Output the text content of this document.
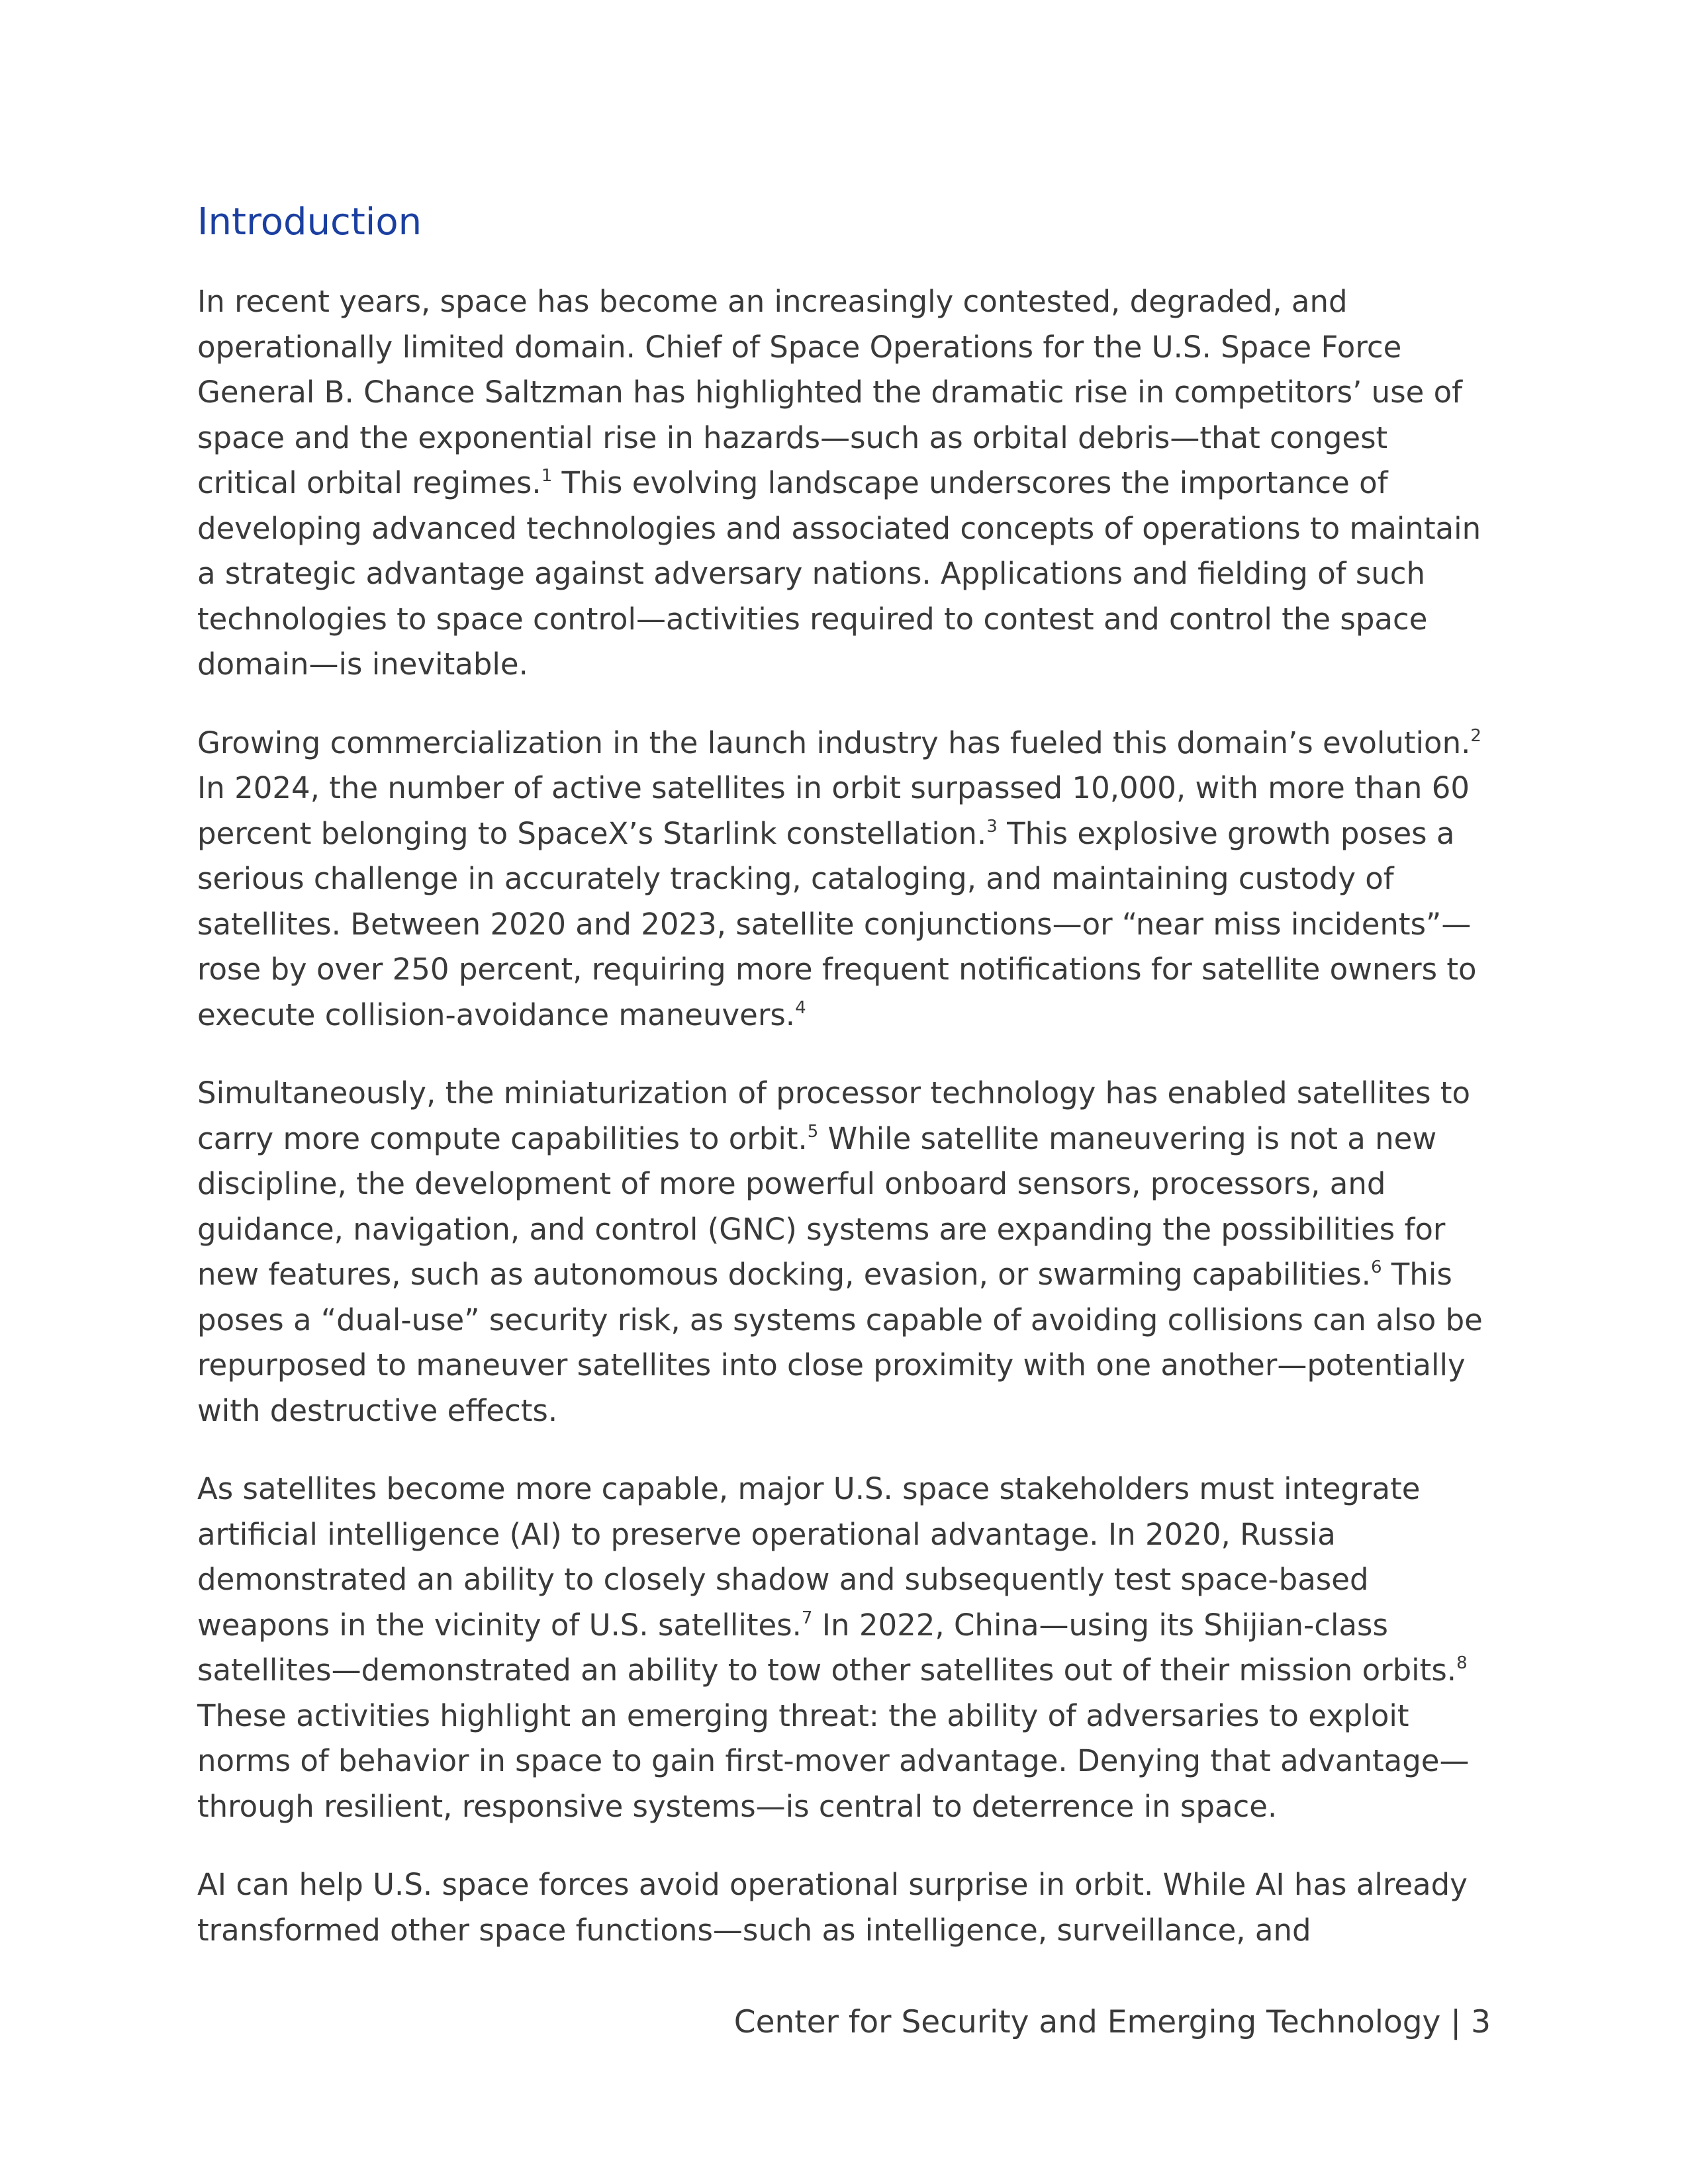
Introduction

In recent years, space has become an increasingly contested, degraded, and operationally limited domain. Chief of Space Operations for the U.S. Space Force General B. Chance Saltzman has highlighted the dramatic rise in competitors’ use of space and the exponential rise in hazards—such as orbital debris—that congest critical orbital regimes.$^1$ This evolving landscape underscores the importance of developing advanced technologies and associated concepts of operations to maintain a strategic advantage against adversary nations. Applications and fielding of such technologies to space control—activities required to contest and control the space domain—is inevitable.

Growing commercialization in the launch industry has fueled this domain’s evolution.$^2$ In 2024, the number of active satellites in orbit surpassed 10,000, with more than 60 percent belonging to SpaceX’s Starlink constellation.$^3$ This explosive growth poses a serious challenge in accurately tracking, cataloging, and maintaining custody of satellites. Between 2020 and 2023, satellite conjunctions—or “near miss incidents”—rose by over 250 percent, requiring more frequent notifications for satellite owners to execute collision-avoidance maneuvers.$^4$

Simultaneously, the miniaturization of processor technology has enabled satellites to carry more compute capabilities to orbit.$^5$ While satellite maneuvering is not a new discipline, the development of more powerful onboard sensors, processors, and guidance, navigation, and control (GNC) systems are expanding the possibilities for new features, such as autonomous docking, evasion, or swarming capabilities.$^6$ This poses a “dual-use” security risk, as systems capable of avoiding collisions can also be repurposed to maneuver satellites into close proximity with one another—potentially with destructive effects.

As satellites become more capable, major U.S. space stakeholders must integrate artificial intelligence (AI) to preserve operational advantage. In 2020, Russia demonstrated an ability to closely shadow and subsequently test space-based weapons in the vicinity of U.S. satellites.$^7$ In 2022, China—using its Shijian-class satellites—demonstrated an ability to tow other satellites out of their mission orbits.$^8$ These activities highlight an emerging threat: the ability of adversaries to exploit norms of behavior in space to gain first-mover advantage. Denying that advantage—through resilient, responsive systems—is central to deterrence in space.

AI can help U.S. space forces avoid operational surprise in orbit. While AI has already transformed other space functions—such as intelligence, surveillance, and

Center for Security and Emerging Technology | 3
